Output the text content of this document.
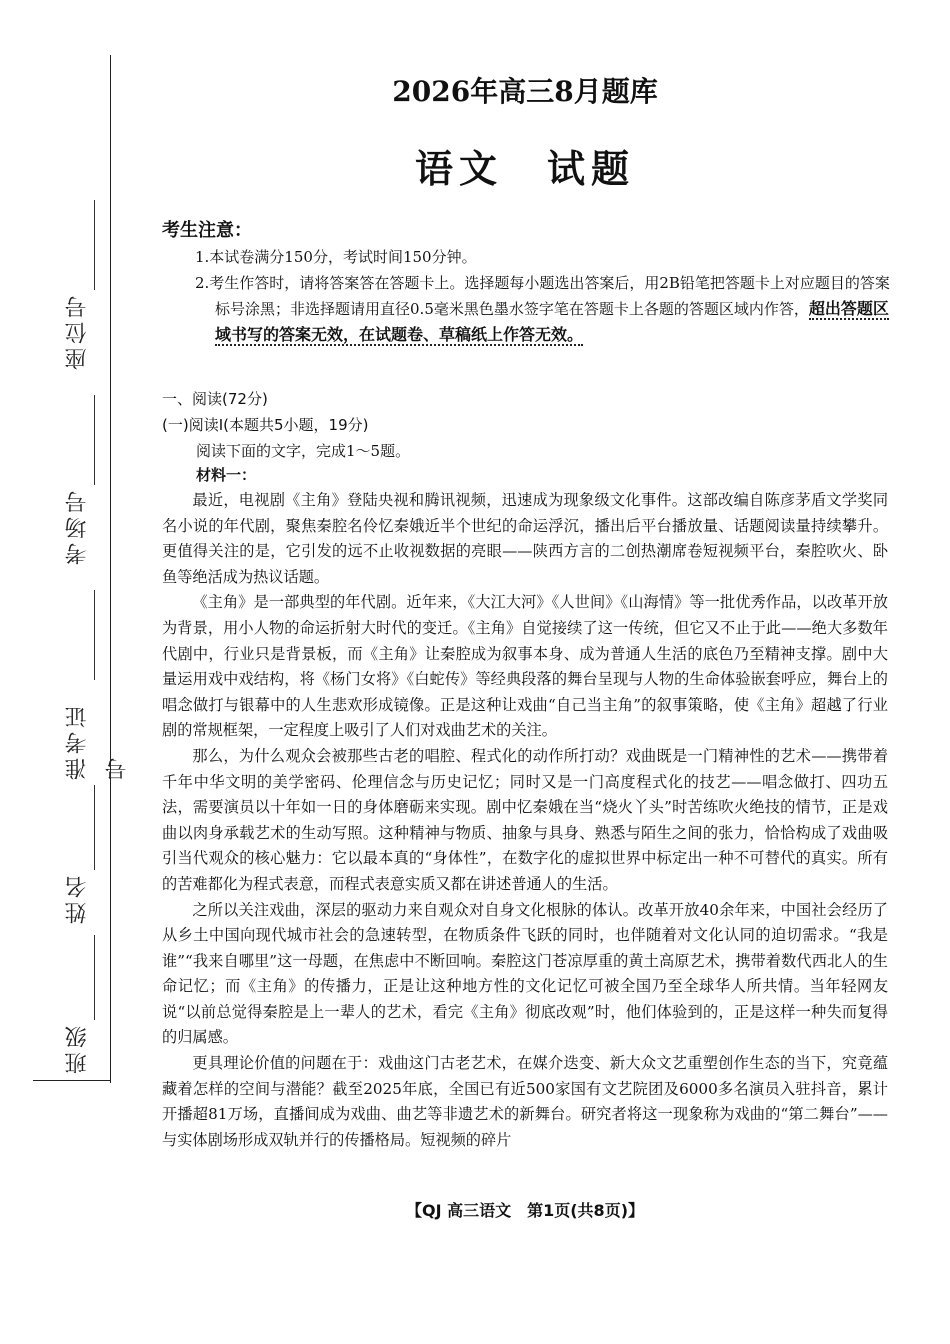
座位号
考场号
准考证号
姓名
班级
2026年高三8月题库
语文　试题
考生注意：
1.本试卷满分150分，考试时间150分钟。
2.考生作答时，请将答案答在答题卡上。选择题每小题选出答案后，用2B铅笔把答题卡上对应题目的答案标号涂黑；非选择题请用直径0.5毫米黑色墨水签字笔在答题卡上各题的答题区域内作答，超出答题区域书写的答案无效，在试题卷、草稿纸上作答无效。
一、阅读(72分)
(一)阅读Ⅰ(本题共5小题，19分)
阅读下面的文字，完成1～5题。
材料一：

最近，电视剧《主角》登陆央视和腾讯视频，迅速成为现象级文化事件。这部改编自陈彦茅盾文学奖同名小说的年代剧，聚焦秦腔名伶忆秦娥近半个世纪的命运浮沉，播出后平台播放量、话题阅读量持续攀升。更值得关注的是，它引发的远不止收视数据的亮眼——陕西方言的二创热潮席卷短视频平台，秦腔吹火、卧鱼等绝活成为热议话题。

《主角》是一部典型的年代剧。近年来，《大江大河》《人世间》《山海情》等一批优秀作品，以改革开放为背景，用小人物的命运折射大时代的变迁。《主角》自觉接续了这一传统，但它又不止于此——绝大多数年代剧中，行业只是背景板，而《主角》让秦腔成为叙事本身、成为普通人生活的底色乃至精神支撑。剧中大量运用戏中戏结构，将《杨门女将》《白蛇传》等经典段落的舞台呈现与人物的生命体验嵌套呼应，舞台上的唱念做打与银幕中的人生悲欢形成镜像。正是这种让戏曲“自己当主角”的叙事策略，使《主角》超越了行业剧的常规框架，一定程度上吸引了人们对戏曲艺术的关注。

那么，为什么观众会被那些古老的唱腔、程式化的动作所打动？戏曲既是一门精神性的艺术——携带着千年中华文明的美学密码、伦理信念与历史记忆；同时又是一门高度程式化的技艺——唱念做打、四功五法，需要演员以十年如一日的身体磨砺来实现。剧中忆秦娥在当“烧火丫头”时苦练吹火绝技的情节，正是戏曲以肉身承载艺术的生动写照。这种精神与物质、抽象与具身、熟悉与陌生之间的张力，恰恰构成了戏曲吸引当代观众的核心魅力：它以最本真的“身体性”，在数字化的虚拟世界中标定出一种不可替代的真实。所有的苦难都化为程式表意，而程式表意实质又都在讲述普通人的生活。

之所以关注戏曲，深层的驱动力来自观众对自身文化根脉的体认。改革开放40余年来，中国社会经历了从乡土中国向现代城市社会的急速转型，在物质条件飞跃的同时，也伴随着对文化认同的迫切需求。“我是谁”“我来自哪里”这一母题，在焦虑中不断回响。秦腔这门苍凉厚重的黄土高原艺术，携带着数代西北人的生命记忆；而《主角》的传播力，正是让这种地方性的文化记忆可被全国乃至全球华人所共情。当年轻网友说“以前总觉得秦腔是上一辈人的艺术，看完《主角》彻底改观”时，他们体验到的，正是这样一种失而复得的归属感。

更具理论价值的问题在于：戏曲这门古老艺术，在媒介迭变、新大众文艺重塑创作生态的当下，究竟蕴藏着怎样的空间与潜能？截至2025年底，全国已有近500家国有文艺院团及6000多名演员入驻抖音，累计开播超81万场，直播间成为戏曲、曲艺等非遗艺术的新舞台。研究者将这一现象称为戏曲的“第二舞台”——与实体剧场形成双轨并行的传播格局。短视频的碎片

【QJ 高三语文　第1页(共8页)】
